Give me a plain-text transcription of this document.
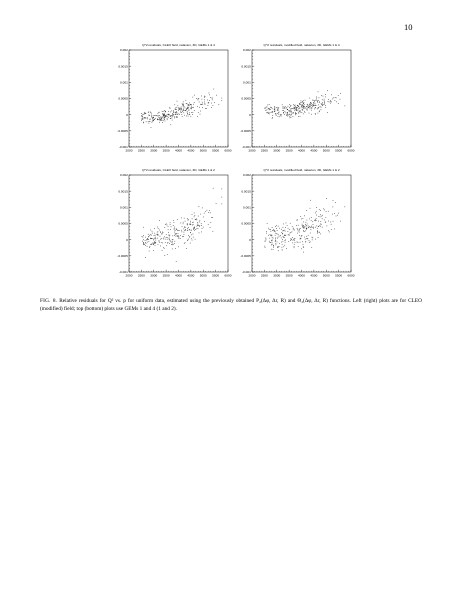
10
Q^2 residuals, CLEO field, nalavion, 3D, GEMs 1 & 4
-0.001
-0.0005
0
0.0005
0.001
0.0015
0.002
2000 2500 3000 3500 4000 4500 5000 5500 6000
Q^2 residuals, modified field, nalavion, 3D, GEMs 1 & 4
-0.001
-0.0005
0
0.0005
0.001
0.0015
0.002
2000 2500 3000 3500 4000 4500 5000 5500 6000
Q^2 residuals, CLEO field, nalavion, 3D, GEMs 1 & 2
-0.001
-0.0005
0
0.0005
0.001
0.0015
0.002
2000 2500 3000 3500 4000 4500 5000 5500 6000
Q^2 residuals, modified field, nalavion, 3D, GEMs 1 & 2
-0.001
-0.0005
0
0.0005
0.001
0.0015
0.002
2000 2500 3000 3500 4000 4500 5000 5500 6000
FIG. 8. Relative residuals for Q² vs. p for uniform data, estimated using the previously obtained P₂(Δφ, Δr, R) and Θ₂(Δφ, Δr, R) functions. Left (right) plots are for CLEO (modified) field; top (bottom) plots use GEMs 1 and 4 (1 and 2).
